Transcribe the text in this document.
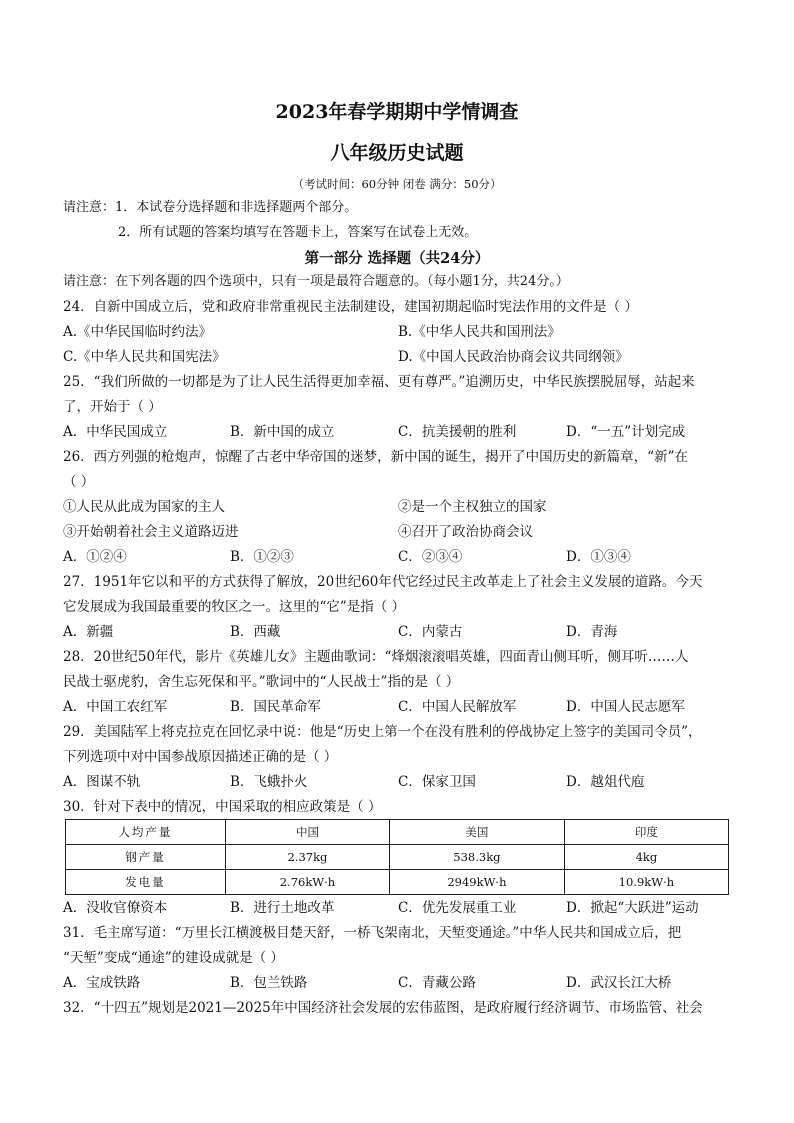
2023年春学期期中学情调查
八年级历史试题
（考试时间：60分钟 闭卷 满分：50分）
请注意：1．本试卷分选择题和非选择题两个部分。
2．所有试题的答案均填写在答题卡上，答案写在试卷上无效。
第一部分 选择题（共24分）
请注意：在下列各题的四个选项中，只有一项是最符合题意的。（每小题1分，共24分。）
24．自新中国成立后，党和政府非常重视民主法制建设，建国初期起临时宪法作用的文件是（ ）
A.《中华民国临时约法》	B.《中华人民共和国刑法》
C.《中华人民共和国宪法》	D.《中国人民政治协商会议共同纲领》
25．“我们所做的一切都是为了让人民生活得更加幸福、更有尊严。”追溯历史，中华民族摆脱屈辱，站起来
了，开始于（ ）
A．中华民国成立	B．新中国的成立	C．抗美援朝的胜利	D．“一五”计划完成
26．西方列强的枪炮声，惊醒了古老中华帝国的迷梦，新中国的诞生，揭开了中国历史的新篇章，“新”在
（ ）
①人民从此成为国家的主人	②是一个主权独立的国家
③开始朝着社会主义道路迈进	④召开了政治协商会议
A．①②④	B．①②③	C．②③④	D．①③④
27．1951年它以和平的方式获得了解放，20世纪60年代它经过民主改革走上了社会主义发展的道路。今天
它发展成为我国最重要的牧区之一。这里的“它”是指（ ）
A．新疆	B．西藏	C．内蒙古	D．青海
28．20世纪50年代，影片《英雄儿女》主题曲歌词：“烽烟滚滚唱英雄，四面青山侧耳听，侧耳听……人
民战士驱虎豹，舍生忘死保和平。”歌词中的“人民战士”指的是（ ）
A．中国工农红军	B．国民革命军	C．中国人民解放军	D．中国人民志愿军
29．美国陆军上将克拉克在回忆录中说：他是“历史上第一个在没有胜利的停战协定上签字的美国司令员”，
下列选项中对中国参战原因描述正确的是（ ）
A．图谋不轨	B．飞蛾扑火	C．保家卫国	D．越俎代庖
30．针对下表中的情况，中国采取的相应政策是（ ）
人均产量	中国	美国	印度
钢产量	2.37kg	538.3kg	4kg
发电量	2.76kW·h	2949kW·h	10.9kW·h
A．没收官僚资本	B．进行土地改革	C．优先发展重工业	D．掀起“大跃进”运动
31．毛主席写道：“万里长江横渡极目楚天舒，一桥飞架南北，天堑变通途。”中华人民共和国成立后，把
“天堑”变成“通途”的建设成就是（ ）
A．宝成铁路	B．包兰铁路	C．青藏公路	D．武汉长江大桥
32．“十四五”规划是2021—2025年中国经济社会发展的宏伟蓝图，是政府履行经济调节、市场监管、社会
